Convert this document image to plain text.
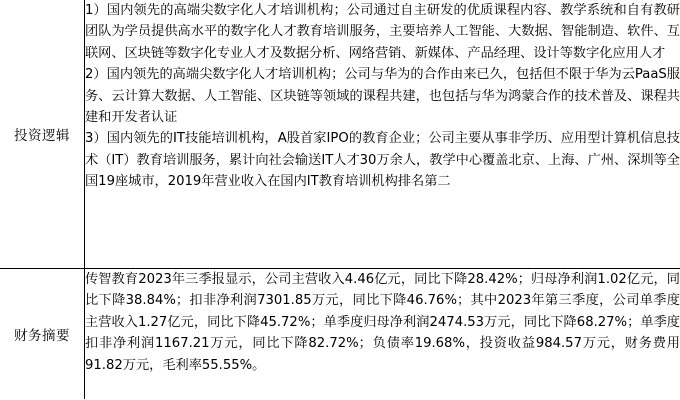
投资逻辑	1）国内领先的高端尖数字化人才培训机构；公司通过自主研发的优质课程内容、教学系统和自有教研团队为学员提供高水平的数字化人才教育培训服务，主要培养人工智能、大数据、智能制造、软件、互联网、区块链等数字化专业人才及数据分析、网络营销、新媒体、产品经理、设计等数字化应用人才

2）国内领先的高端尖数字化人才培训机构；公司与华为的合作由来已久，包括但不限于华为云PaaS服务、云计算大数据、人工智能、区块链等领域的课程共建，也包括与华为鸿蒙合作的技术普及、课程共建和开发者认证

3）国内领先的IT技能培训机构，A股首家IPO的教育企业；公司主要从事非学历、应用型计算机信息技术（IT）教育培训服务，累计向社会输送IT人才30万余人，教学中心覆盖北京、上海、广州、深圳等全国19座城市，2019年营业收入在国内IT教育培训机构排名第二

财务摘要	传智教育2023年三季报显示，公司主营收入4.46亿元，同比下降28.42%；归母净利润1.02亿元，同比下降38.84%；扣非净利润7301.85万元，同比下降46.76%；其中2023年第三季度，公司单季度主营收入1.27亿元，同比下降45.72%；单季度归母净利润2474.53万元，同比下降68.27%；单季度扣非净利润1167.21万元，同比下降82.72%；负债率19.68%，投资收益984.57万元，财务费用91.82万元，毛利率55.55%。
